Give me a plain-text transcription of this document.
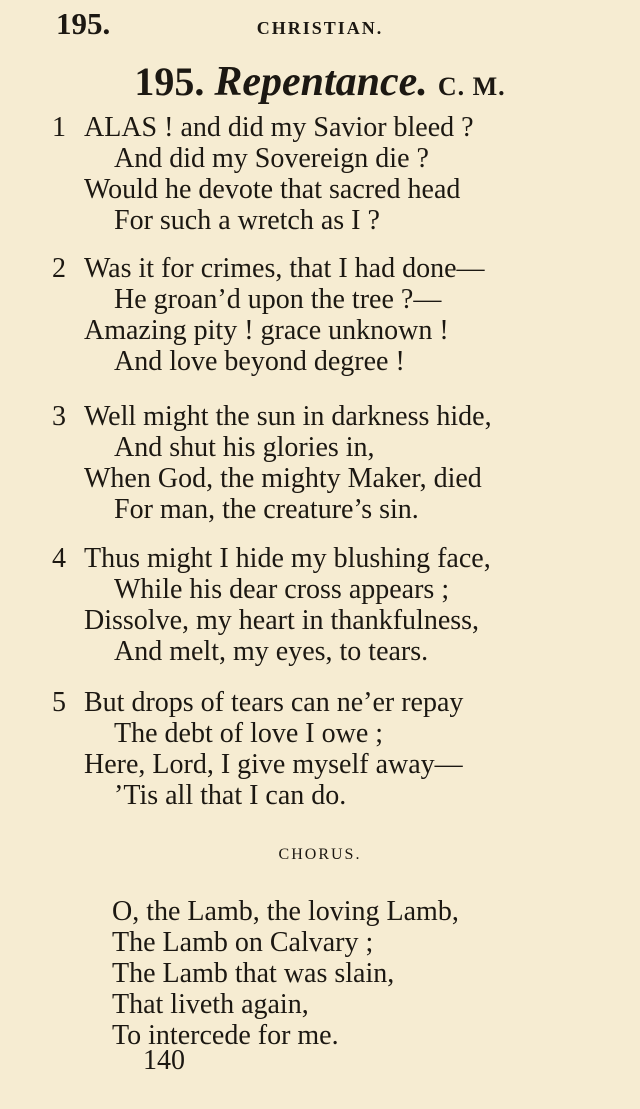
195.	CHRISTIAN.
195. Repentance. C. M.
1 ALAS ! and did my Savior bleed ?
And did my Sovereign die ?
Would he devote that sacred head
For such a wretch as I ?
2 Was it for crimes, that I had done—
He groan’d upon the tree ?—
Amazing pity ! grace unknown !
And love beyond degree !
3 Well might the sun in darkness hide,
And shut his glories in,
When God, the mighty Maker, died
For man, the creature’s sin.
4 Thus might I hide my blushing face,
While his dear cross appears ;
Dissolve, my heart in thankfulness,
And melt, my eyes, to tears.
5 But drops of tears can ne’er repay
The debt of love I owe ;
Here, Lord, I give myself away—
’Tis all that I can do.
CHORUS.
O, the Lamb, the loving Lamb,
The Lamb on Calvary ;
The Lamb that was slain,
That liveth again,
To intercede for me.
140
